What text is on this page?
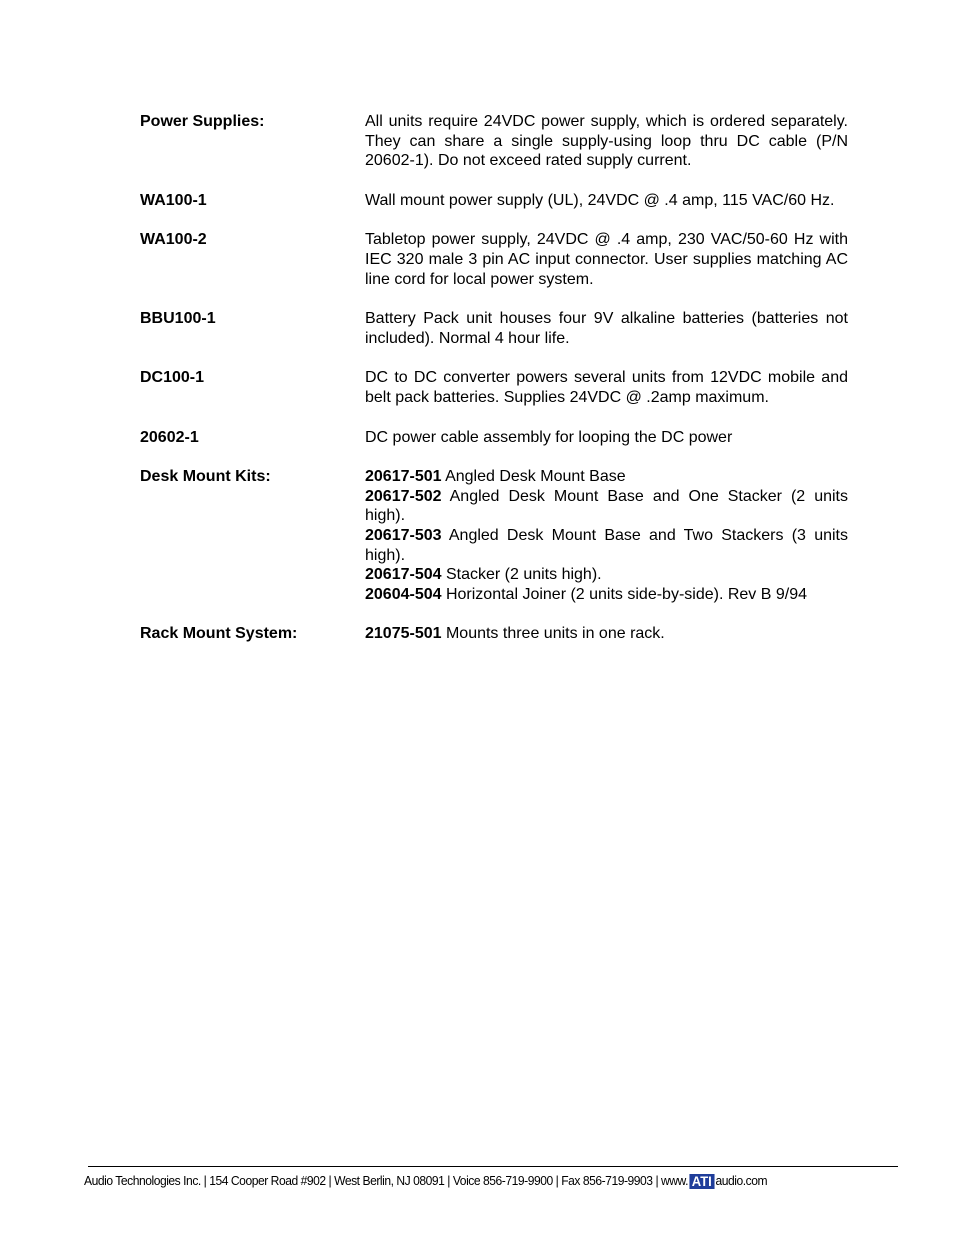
Power Supplies:	All units require 24VDC power supply, which is ordered separately. They can share a single supply-using loop thru DC cable (P/N 20602-1). Do not exceed rated supply current.
WA100-1	Wall mount power supply (UL), 24VDC @ .4 amp, 115 VAC/60 Hz.
WA100-2	Tabletop power supply, 24VDC @ .4 amp, 230 VAC/50-60 Hz with IEC 320 male 3 pin AC input connector. User supplies matching AC line cord for local power system.
BBU100-1	Battery Pack unit houses four 9V alkaline batteries (batteries not included). Normal 4 hour life.
DC100-1	DC to DC converter powers several units from 12VDC mobile and belt pack batteries. Supplies 24VDC @ .2amp maximum.
20602-1	DC power cable assembly for looping the DC power
Desk Mount Kits:	20617-501 Angled Desk Mount Base
20617-502 Angled Desk Mount Base and One Stacker (2 units high).
20617-503 Angled Desk Mount Base and Two Stackers (3 units high).
20617-504 Stacker (2 units high).
20604-504 Horizontal Joiner (2 units side-by-side). Rev B 9/94
Rack Mount System:	21075-501 Mounts three units in one rack.
Audio Technologies Inc. | 154 Cooper Road #902 | West Berlin, NJ 08091 | Voice 856-719-9900 | Fax 856-719-9903 | www. ATI audio.com
